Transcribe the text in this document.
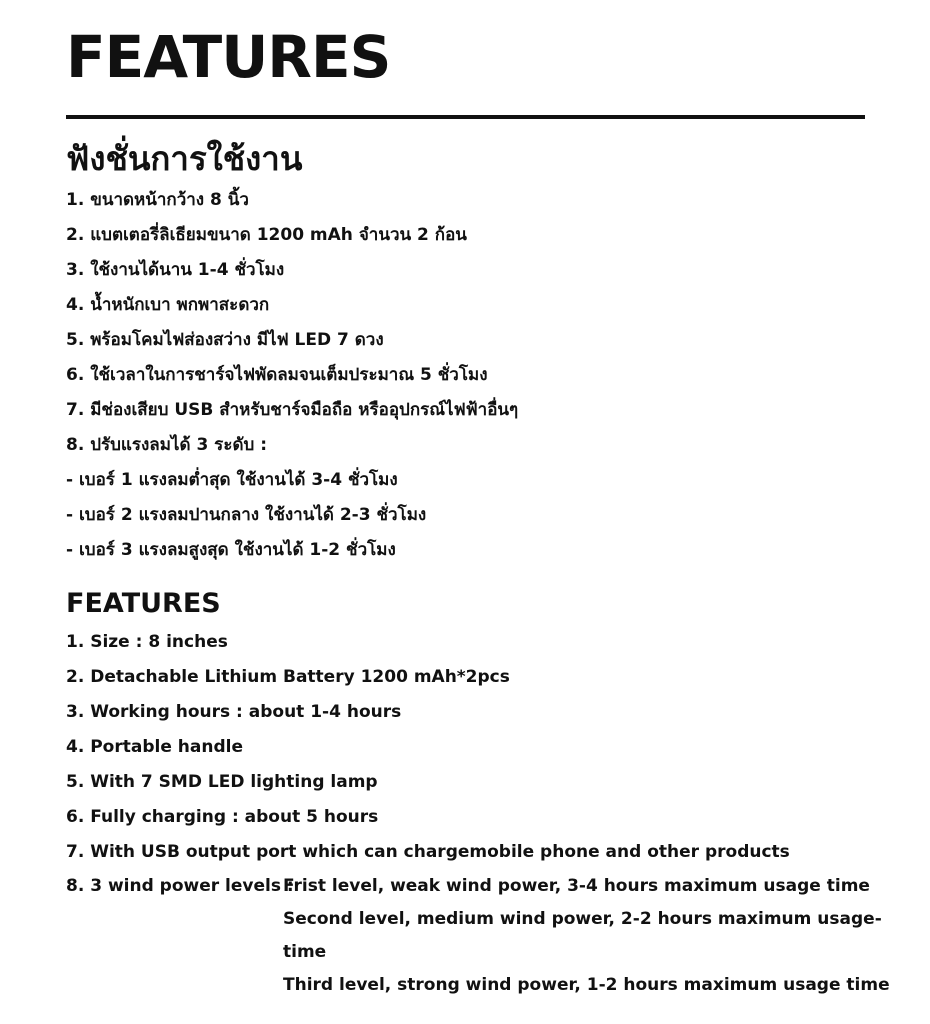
FEATURES
ฟังชั่นการใช้งาน
1. ขนาดหน้ากว้าง 8 นิ้ว
2. แบตเตอรี่ลิเธียมขนาด 1200 mAh จำนวน 2 ก้อน
3. ใช้งานได้นาน 1-4 ชั่วโมง
4. น้ำหนักเบา พกพาสะดวก
5. พร้อมโคมไฟส่องสว่าง มีไฟ LED 7 ดวง
6. ใช้เวลาในการชาร์จไฟพัดลมจนเต็มประมาณ 5 ชั่วโมง
7. มีช่องเสียบ USB สำหรับชาร์จมือถือ หรืออุปกรณ์ไฟฟ้าอื่นๆ
8. ปรับแรงลมได้ 3 ระดับ :
- เบอร์ 1 แรงลมต่ำสุด ใช้งานได้ 3-4 ชั่วโมง
- เบอร์ 2 แรงลมปานกลาง ใช้งานได้ 2-3 ชั่วโมง
- เบอร์ 3 แรงลมสูงสุด ใช้งานได้ 1-2 ชั่วโมง
FEATURES
1. Size : 8 inches
2. Detachable Lithium Battery 1200 mAh*2pcs
3. Working hours : about 1-4 hours
4. Portable handle
5. With 7 SMD LED lighting lamp
6. Fully charging : about 5 hours
7. With USB output port which can chargemobile phone and other products
8. 3 wind power levels :
Frist level, weak wind power, 3-4 hours maximum usage time
Second level, medium wind power, 2-2 hours maximum usage-
time
Third level, strong wind power, 1-2 hours maximum usage time
